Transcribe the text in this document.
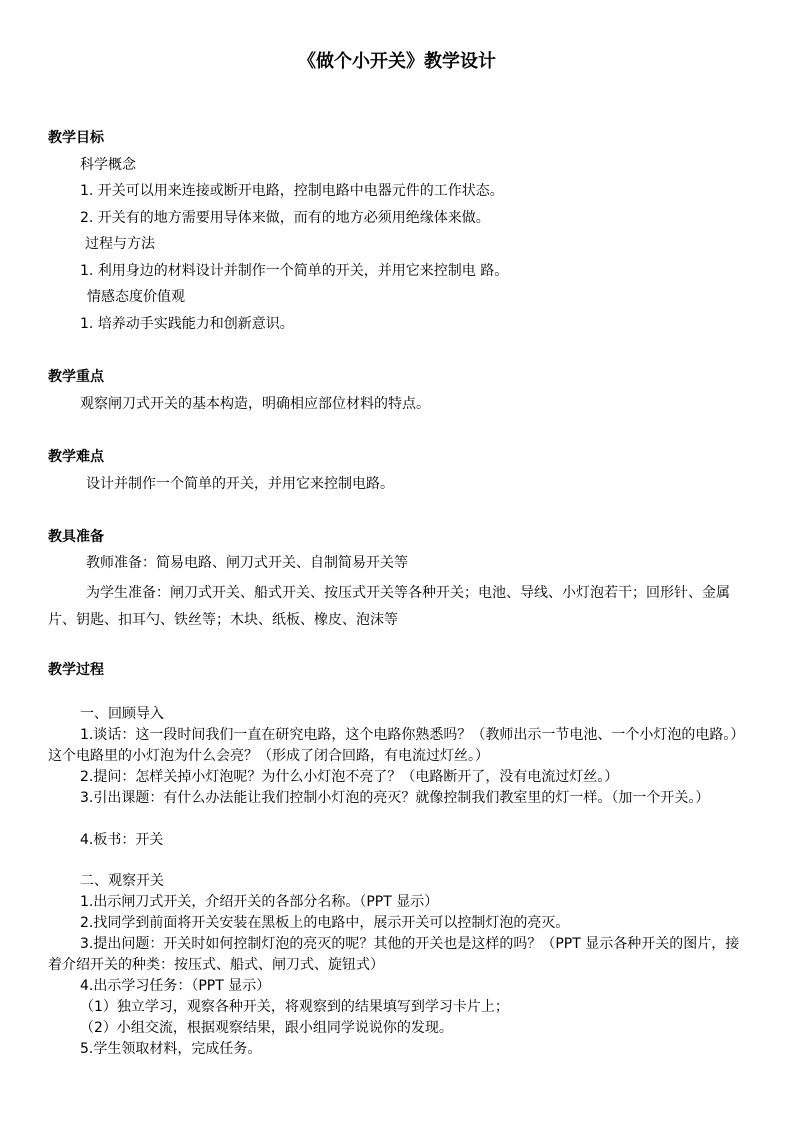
《做个小开关》教学设计
教学目标
科学概念
1. 开关可以用来连接或断开电路，控制电路中电器元件的工作状态。
2. 开关有的地方需要用导体来做，而有的地方必须用绝缘体来做。
过程与方法
1. 利用身边的材料设计并制作一个简单的开关，并用它来控制电 路。
情感态度价值观
1. 培养动手实践能力和创新意识。
教学重点
观察闸刀式开关的基本构造，明确相应部位材料的特点。
教学难点
设计并制作一个简单的开关，并用它来控制电路。
教具准备
教师准备：简易电路、闸刀式开关、自制简易开关等
为学生准备：闸刀式开关、船式开关、按压式开关等各种开关；电池、导线、小灯泡若干；回形针、金属片、钥匙、扣耳勺、铁丝等；木块、纸板、橡皮、泡沫等
教学过程
一、回顾导入
1.谈话：这一段时间我们一直在研究电路，这个电路你熟悉吗？（教师出示一节电池、一个小灯泡的电路。）这个电路里的小灯泡为什么会亮？（形成了闭合回路，有电流过灯丝。）
2.提问：怎样关掉小灯泡呢？为什么小灯泡不亮了？（电路断开了，没有电流过灯丝。）
3.引出课题：有什么办法能让我们控制小灯泡的亮灭？就像控制我们教室里的灯一样。（加一个开关。）
4.板书：开关
二、观察开关
1.出示闸刀式开关，介绍开关的各部分名称。（PPT 显示）
2.找同学到前面将开关安装在黑板上的电路中，展示开关可以控制灯泡的亮灭。
3.提出问题：开关时如何控制灯泡的亮灭的呢？其他的开关也是这样的吗？（PPT 显示各种开关的图片，接着介绍开关的种类：按压式、船式、闸刀式、旋钮式）
4.出示学习任务：（PPT 显示）
（1）独立学习，观察各种开关，将观察到的结果填写到学习卡片上；
（2）小组交流，根据观察结果，跟小组同学说说你的发现。
5.学生领取材料，完成任务。
